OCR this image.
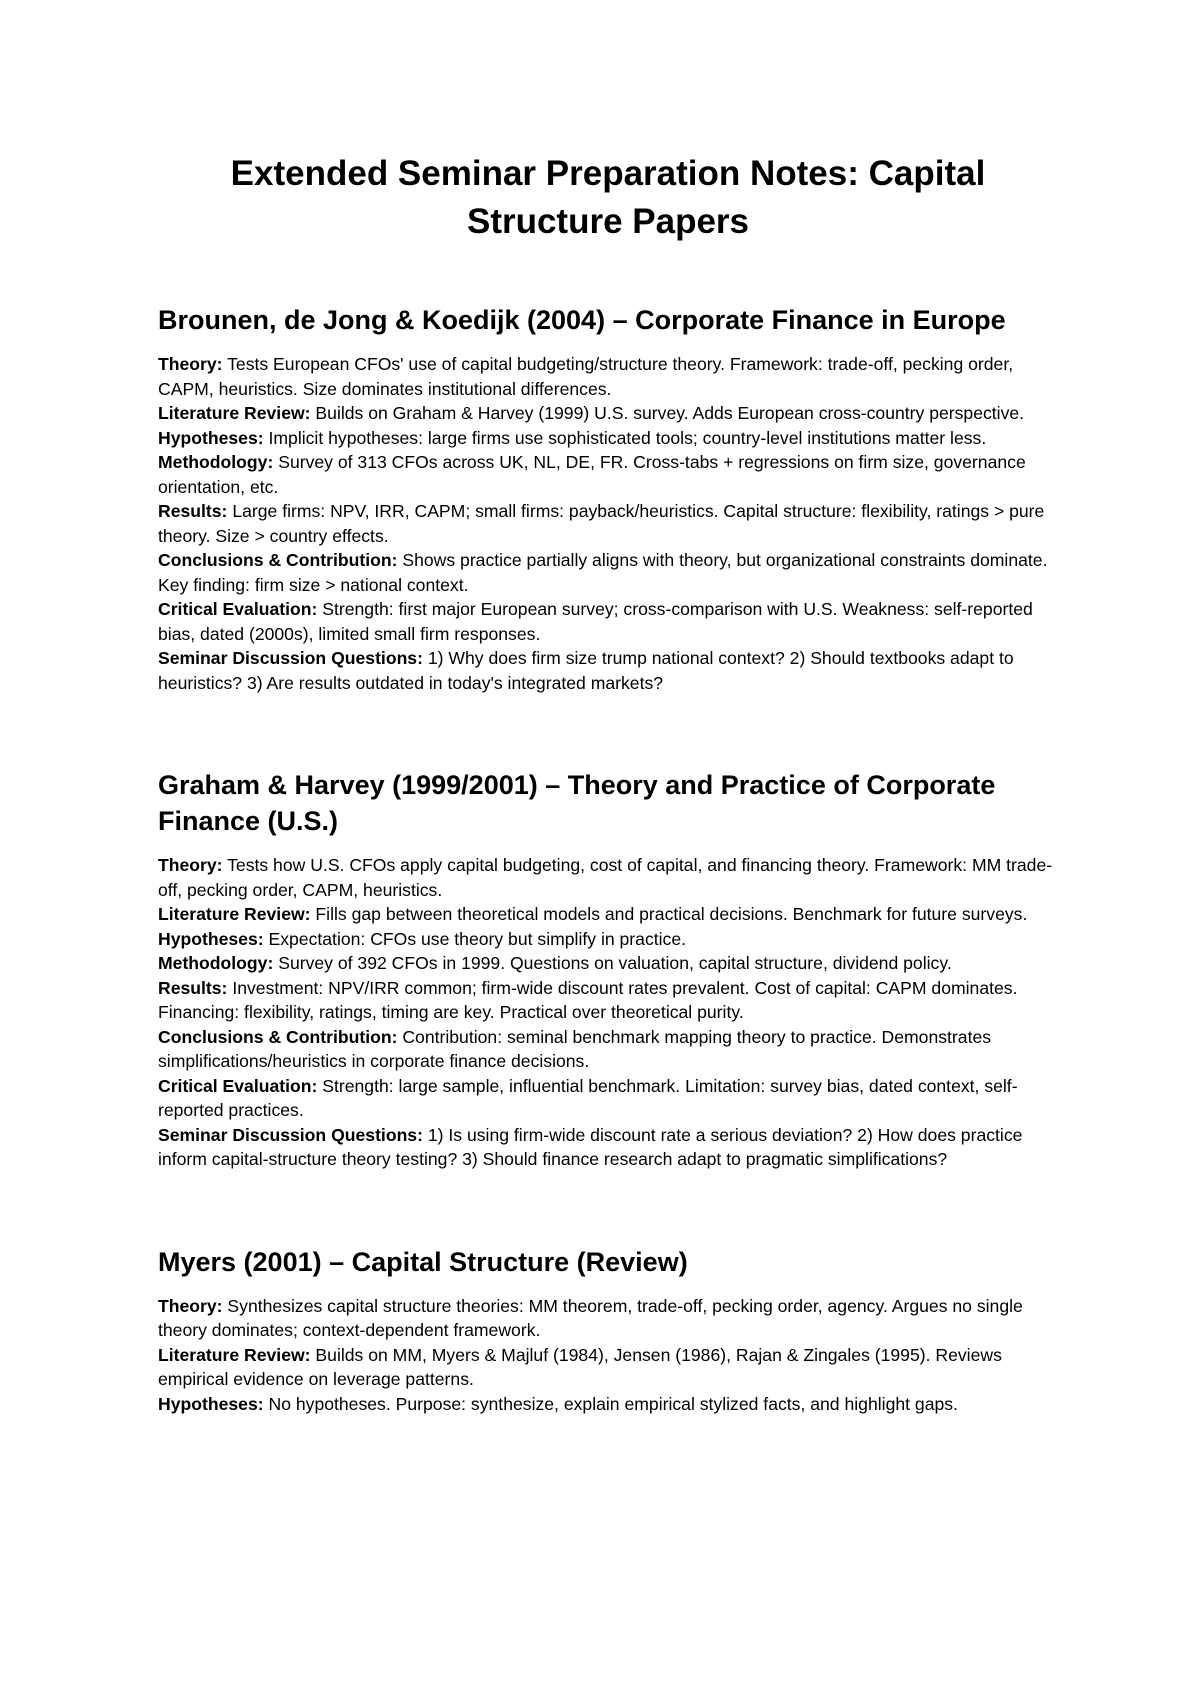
Extended Seminar Preparation Notes: Capital Structure Papers
Brounen, de Jong & Koedijk (2004) – Corporate Finance in Europe

Theory: Tests European CFOs' use of capital budgeting/structure theory. Framework: trade-off, pecking order, CAPM, heuristics. Size dominates institutional differences.

Literature Review: Builds on Graham & Harvey (1999) U.S. survey. Adds European cross-country perspective.

Hypotheses: Implicit hypotheses: large firms use sophisticated tools; country-level institutions matter less.

Methodology: Survey of 313 CFOs across UK, NL, DE, FR. Cross-tabs + regressions on firm size, governance orientation, etc.

Results: Large firms: NPV, IRR, CAPM; small firms: payback/heuristics. Capital structure: flexibility, ratings > pure theory. Size > country effects.

Conclusions & Contribution: Shows practice partially aligns with theory, but organizational constraints dominate. Key finding: firm size > national context.

Critical Evaluation: Strength: first major European survey; cross-comparison with U.S. Weakness: self-reported bias, dated (2000s), limited small firm responses.

Seminar Discussion Questions: 1) Why does firm size trump national context? 2) Should textbooks adapt to heuristics? 3) Are results outdated in today's integrated markets?

Graham & Harvey (1999/2001) – Theory and Practice of Corporate Finance (U.S.)

Theory: Tests how U.S. CFOs apply capital budgeting, cost of capital, and financing theory. Framework: MM trade-off, pecking order, CAPM, heuristics.

Literature Review: Fills gap between theoretical models and practical decisions. Benchmark for future surveys.

Hypotheses: Expectation: CFOs use theory but simplify in practice.

Methodology: Survey of 392 CFOs in 1999. Questions on valuation, capital structure, dividend policy.

Results: Investment: NPV/IRR common; firm-wide discount rates prevalent. Cost of capital: CAPM dominates. Financing: flexibility, ratings, timing are key. Practical over theoretical purity.

Conclusions & Contribution: Contribution: seminal benchmark mapping theory to practice. Demonstrates simplifications/heuristics in corporate finance decisions.

Critical Evaluation: Strength: large sample, influential benchmark. Limitation: survey bias, dated context, self-reported practices.

Seminar Discussion Questions: 1) Is using firm-wide discount rate a serious deviation? 2) How does practice inform capital-structure theory testing? 3) Should finance research adapt to pragmatic simplifications?

Myers (2001) – Capital Structure (Review)

Theory: Synthesizes capital structure theories: MM theorem, trade-off, pecking order, agency. Argues no single theory dominates; context-dependent framework.

Literature Review: Builds on MM, Myers & Majluf (1984), Jensen (1986), Rajan & Zingales (1995). Reviews empirical evidence on leverage patterns.

Hypotheses: No hypotheses. Purpose: synthesize, explain empirical stylized facts, and highlight gaps.
